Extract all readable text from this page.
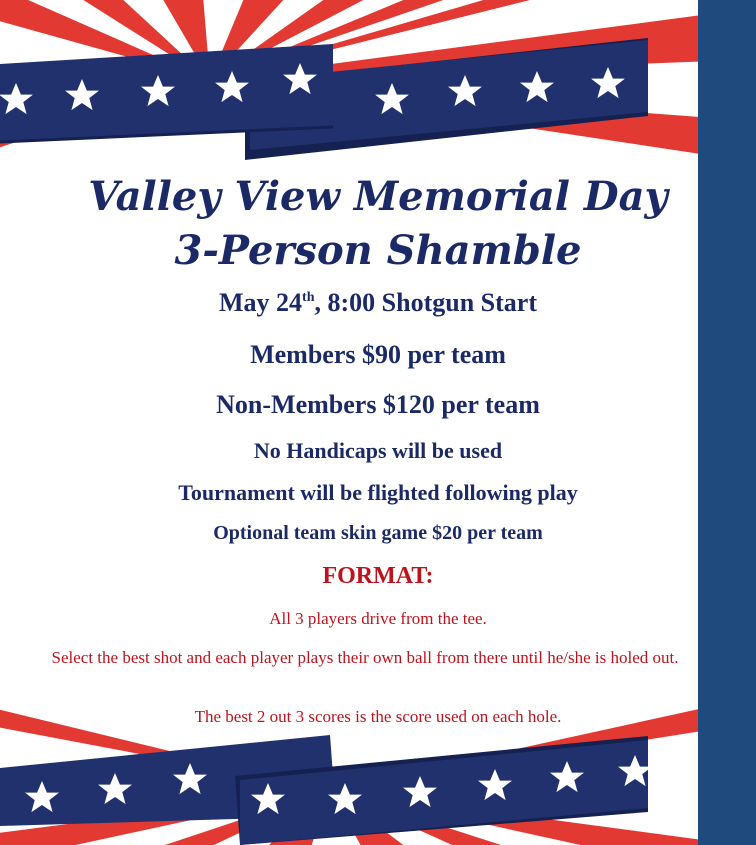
Valley View Memorial Day
3-Person Shamble

May 24th, 8:00 Shotgun Start

Members $90 per team

Non-Members $120 per team

No Handicaps will be used

Tournament will be flighted following play

Optional team skin game $20 per team

FORMAT:

All 3 players drive from the tee.

Select the best shot and each player plays their own ball from there until he/she is holed out.

The best 2 out 3 scores is the score used on each hole.
